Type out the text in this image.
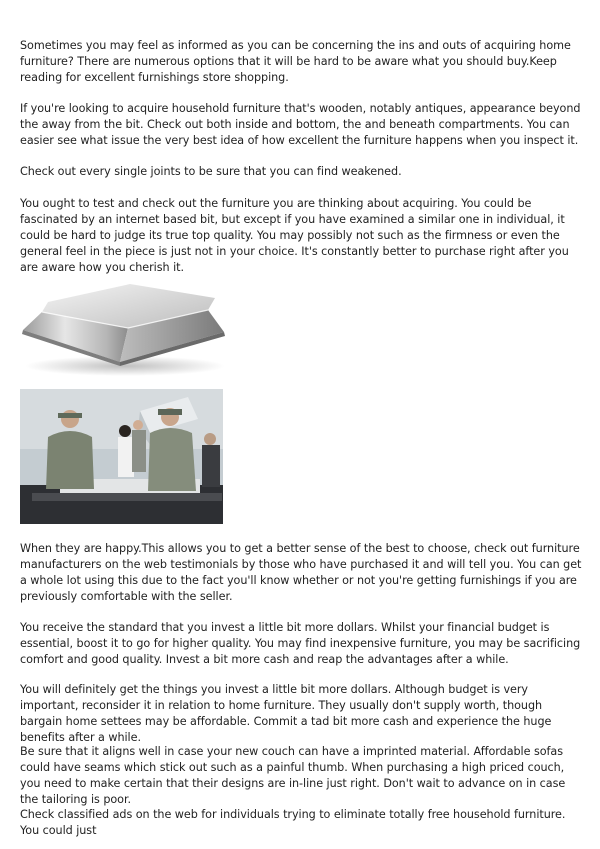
Sometimes you may feel as informed as you can be concerning the ins and outs of acquiring home furniture? There are numerous options that it will be hard to be aware what you should buy.Keep reading for excellent furnishings store shopping.

If you're looking to acquire household furniture that's wooden, notably antiques, appearance beyond the away from the bit. Check out both inside and bottom, the and beneath compartments. You can easier see what issue the very best idea of how excellent the furniture happens when you inspect it.

Check out every single joints to be sure that you can find weakened.

You ought to test and check out the furniture you are thinking about acquiring. You could be fascinated by an internet based bit, but except if you have examined a similar one in individual, it could be hard to judge its true top quality. You may possibly not such as the firmness or even the general feel in the piece is just not in your choice. It's constantly better to purchase right after you are aware how you cherish it.

When they are happy.This allows you to get a better sense of the best to choose, check out furniture manufacturers on the web testimonials by those who have purchased it and will tell you. You can get a whole lot using this due to the fact you'll know whether or not you're getting furnishings if you are previously comfortable with the seller.

You receive the standard that you invest a little bit more dollars. Whilst your financial budget is essential, boost it to go for higher quality. You may find inexpensive furniture, you may be sacrificing comfort and good quality. Invest a bit more cash and reap the advantages after a while.

You will definitely get the things you invest a little bit more dollars. Although budget is very important, reconsider it in relation to home furniture. They usually don't supply worth, though bargain home settees may be affordable. Commit a tad bit more cash and experience the huge benefits after a while.

Be sure that it aligns well in case your new couch can have a imprinted material. Affordable sofas could have seams which stick out such as a painful thumb. When purchasing a high priced couch, you need to make certain that their designs are in-line just right. Don't wait to advance on in case the tailoring is poor.

Check classified ads on the web for individuals trying to eliminate totally free household furniture. You could just
